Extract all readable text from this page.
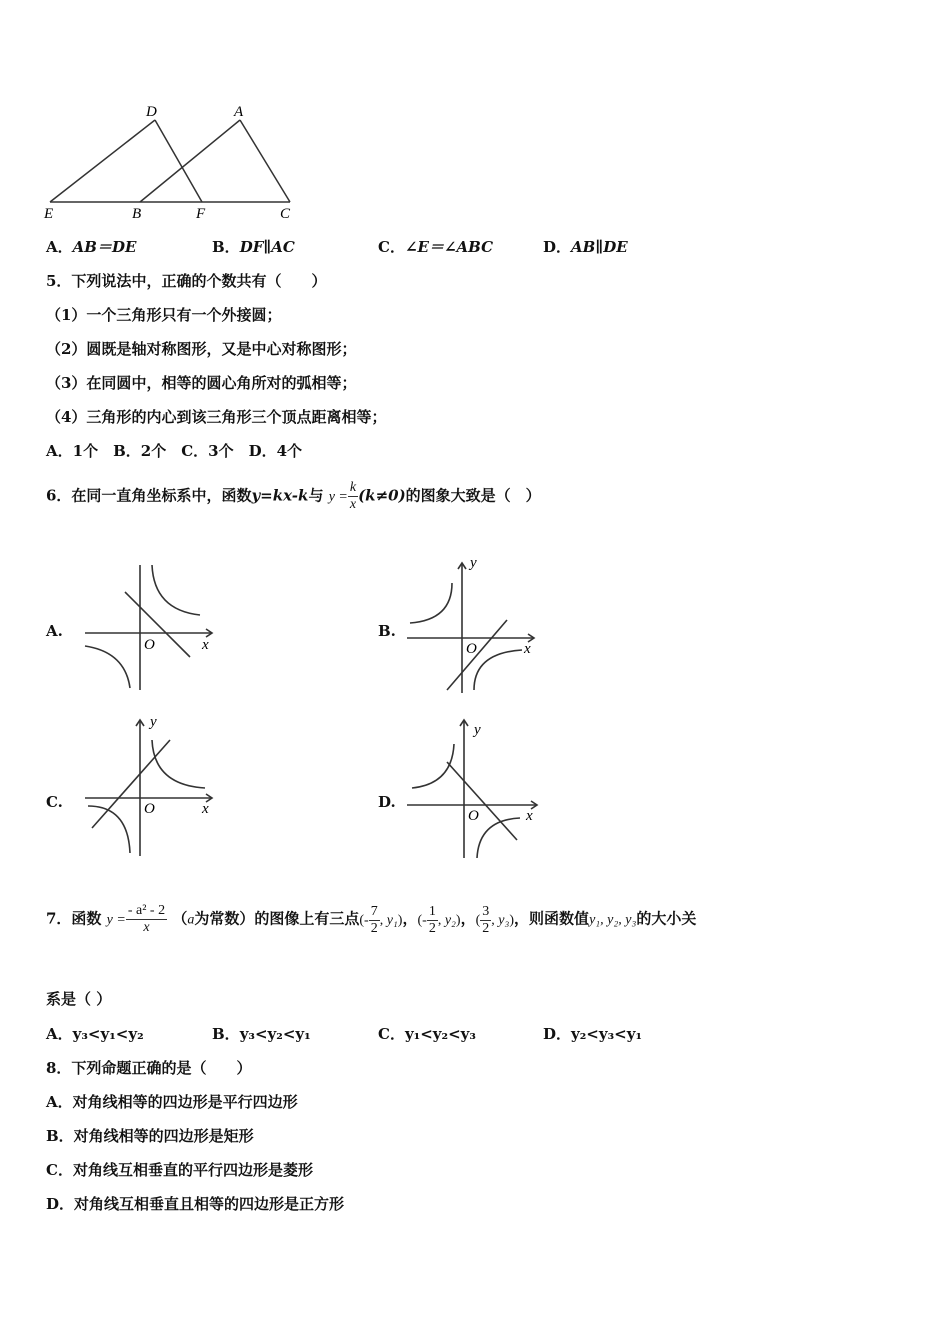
D	A
E	B	F	C
A．AB＝DE	B．DF∥AC	C．∠E＝∠ABC	D．AB∥DE
5．下列说法中，正确的个数共有（　　）
（1）一个三角形只有一个外接圆；
（2）圆既是轴对称图形，又是中心对称图形；
（3）在同圆中，相等的圆心角所对的弧相等；
（4）三角形的内心到该三角形三个顶点距离相等；
A．1个　B．2个　C．3个　D．4个
6．在同一直角坐标系中，函数y=kx-k与 $y = \frac{k}{x} (k\ne 0)$的图象大致是（　）
A.
O	x
B.
y
O	x
C.
y
O	x	D.
y
O	x
7．函数 $y = \frac{\text{- a² - 2}}{x} (a$为常数）的图像上有三点(- $\frac{7}{2}$ , y₁)，(- $\frac{1}{2}$ , y₂)，( $\frac{3}{2}$ , y₃)，则函数值y₁, y₂, y₃的大小关
系是（ ）
A．y₃<y₁<y₂	B．y₃<y₂<y₁	C．y₁<y₂<y₃	D．y₂<y₃<y₁
8．下列命题正确的是（　　）
A．对角线相等的四边形是平行四边形
B．对角线相等的四边形是矩形
C．对角线互相垂直的平行四边形是菱形
D．对角线互相垂直且相等的四边形是正方形
